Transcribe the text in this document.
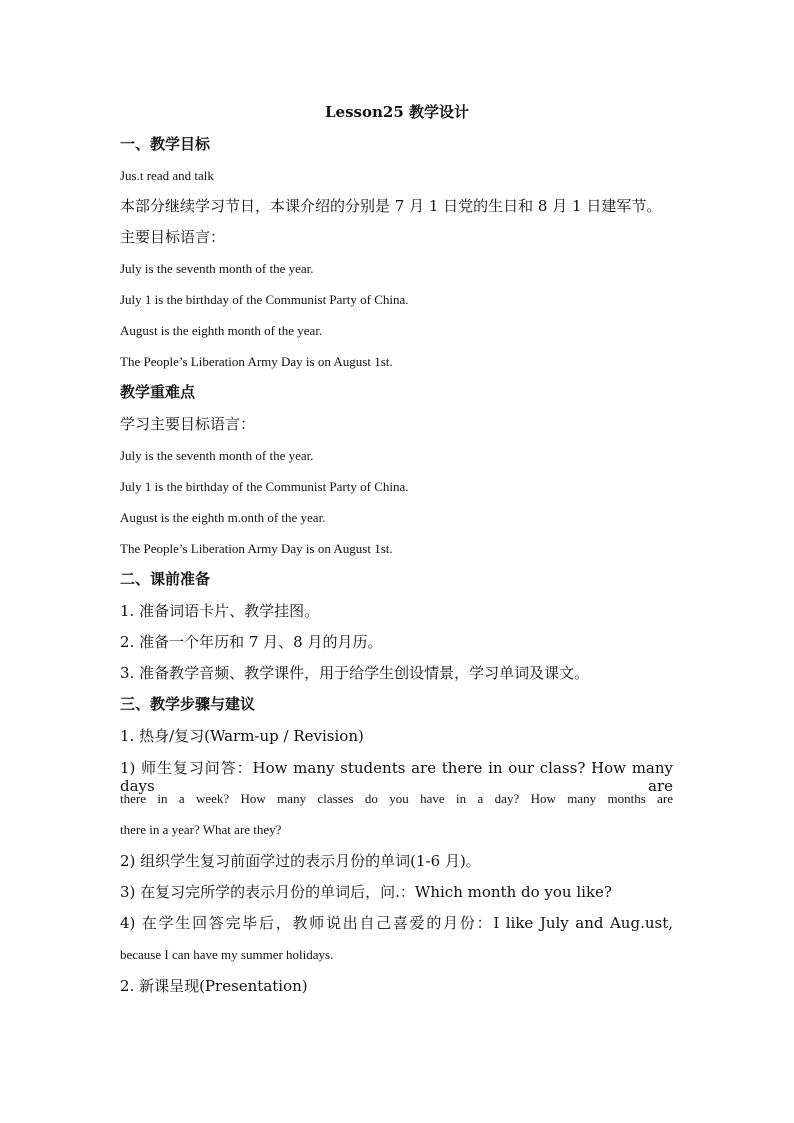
Lesson25 教学设计
一、教学目标
Jus.t read and talk
本部分继续学习节日，本课介绍的分别是 7 月 1 日党的生日和 8 月 1 日建军节。
主要目标语言：
July is the seventh month of the year.
July 1 is the birthday of the Communist Party of China.
August is the eighth month of the year.
The People’s Liberation Army Day is on August 1st.
教学重难点
学习主要目标语言：
July is the seventh month of the year.
July 1 is the birthday of the Communist Party of China.
August is the eighth m.onth of the year.
The People’s Liberation Army Day is on August 1st.
二、课前准备
1. 准备词语卡片、教学挂图。
2. 准备一个年历和 7 月、8 月的月历。
3. 准备教学音频、教学课件，用于给学生创设情景，学习单词及课文。
三、教学步骤与建议
1. 热身/复习(Warm-up / Revision)
1) 师生复习问答：How many students are there in our class? How many days are
there in a week? How many classes do you have in a day? How many months are
there in a year? What are they?
2) 组织学生复习前面学过的表示月份的单词(1-6 月)。
3) 在复习完所学的表示月份的单词后，问.：Which month do you like?
4) 在学生回答完毕后，教师说出自己喜爱的月份：I like July and Aug.ust,
because I can have my summer holidays.
2. 新课呈现(Presentation)
